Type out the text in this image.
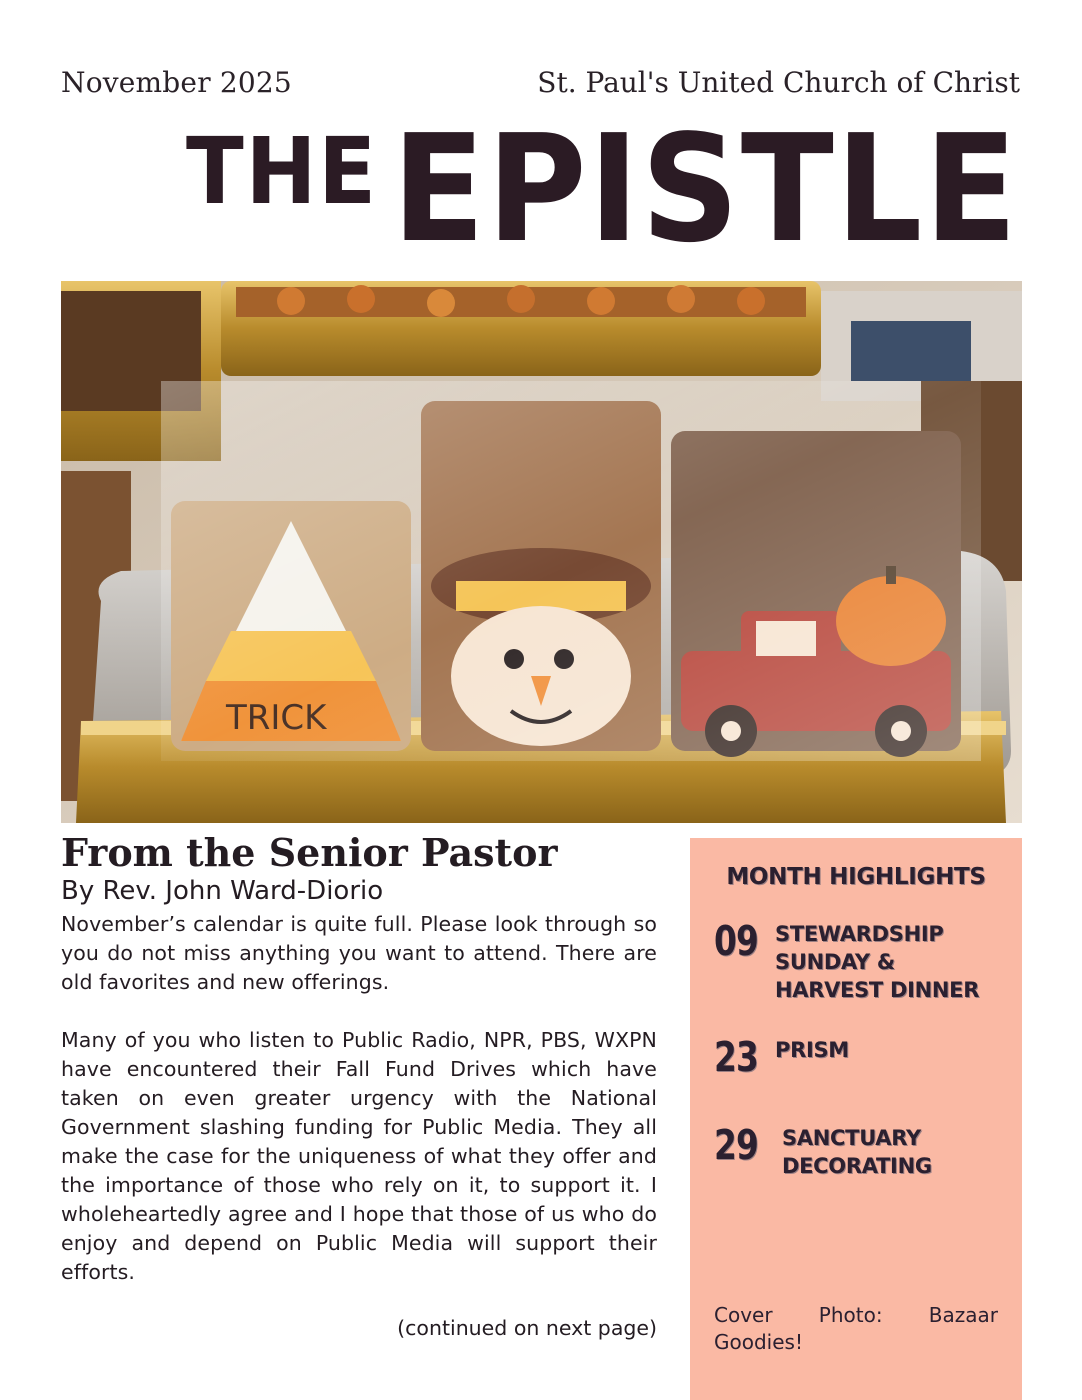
November 2025	St. Paul's United Church of Christ
THE EPISTLE
From the Senior Pastor
By Rev. John Ward-Diorio

November’s calendar is quite full. Please look through so you do not miss anything you want to attend. There are old favorites and new offerings.

Many of you who listen to Public Radio, NPR, PBS, WXPN have encountered their Fall Fund Drives which have taken on even greater urgency with the National Government slashing funding for Public Media. They all make the case for the uniqueness of what they offer and the importance of those who rely on it, to support it. I wholeheartedly agree and I hope that those of us who do enjoy and depend on Public Media will support their efforts.

(continued on next page)
MONTH HIGHLIGHTS
09 STEWARDSHIP SUNDAY & HARVEST DINNER
23 PRISM
29 SANCTUARY DECORATING
Cover Photo: Bazaar
Goodies!
